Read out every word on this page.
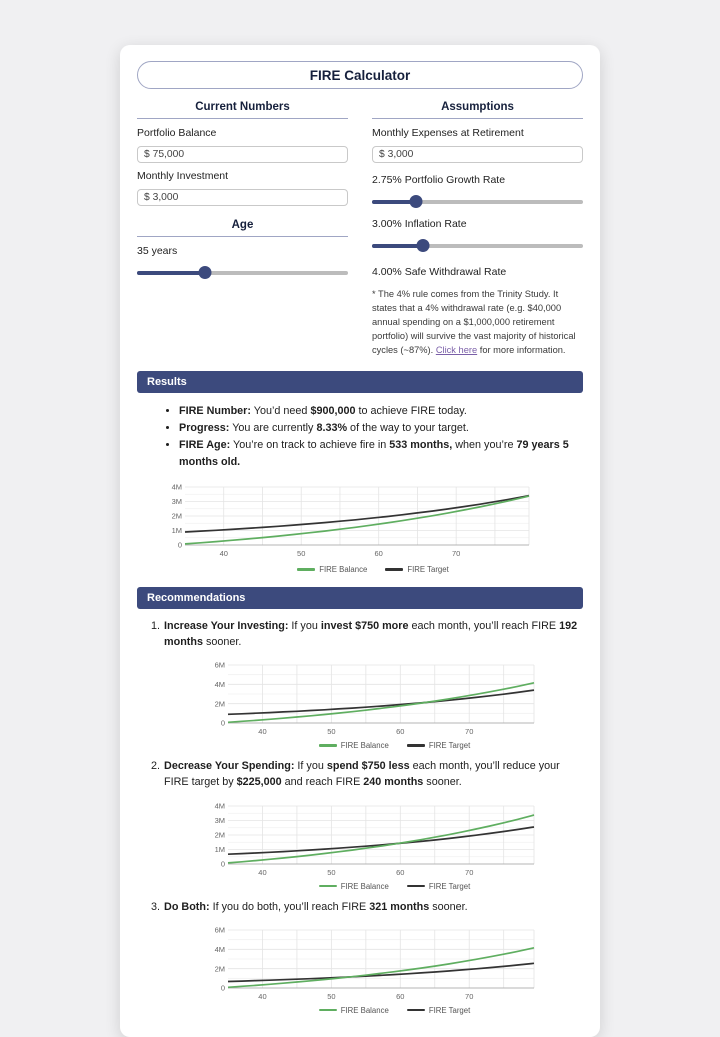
FIRE Calculator
Current Numbers
Portfolio Balance
$ 75,000
Monthly Investment
$ 3,000
Age
35 years
Assumptions
Monthly Expenses at Retirement
$ 3,000
2.75% Portfolio Growth Rate
3.00% Inflation Rate
4.00% Safe Withdrawal Rate
* The 4% rule comes from the Trinity Study. It states that a 4% withdrawal rate (e.g. $40,000 annual spending on a $1,000,000 retirement portfolio) will survive the vast majority of historical cycles (~87%). Click here for more information.
Results
• FIRE Number: You’d need $900,000 to achieve FIRE today.
• Progress: You are currently 8.33% of the way to your target.
• FIRE Age: You’re on track to achieve fire in 533 months, when you’re 79 years 5 months old.
0
1M
2M
3M
4M
40	50	60	70
FIRE Balance	FIRE Target
Recommendations
1. Increase Your Investing: If you invest $750 more each month, you’ll reach FIRE 192 months sooner.
0
2M
4M
6M
40	50	60	70
FIRE Balance	FIRE Target
2. Decrease Your Spending: If you spend $750 less each month, you’ll reduce your FIRE target by $225,000 and reach FIRE 240 months sooner.
0
1M
2M
3M
4M
40	50	60	70
FIRE Balance	FIRE Target
3. Do Both: If you do both, you’ll reach FIRE 321 months sooner.
0
2M
4M
6M
40	50	60	70
FIRE Balance	FIRE Target
